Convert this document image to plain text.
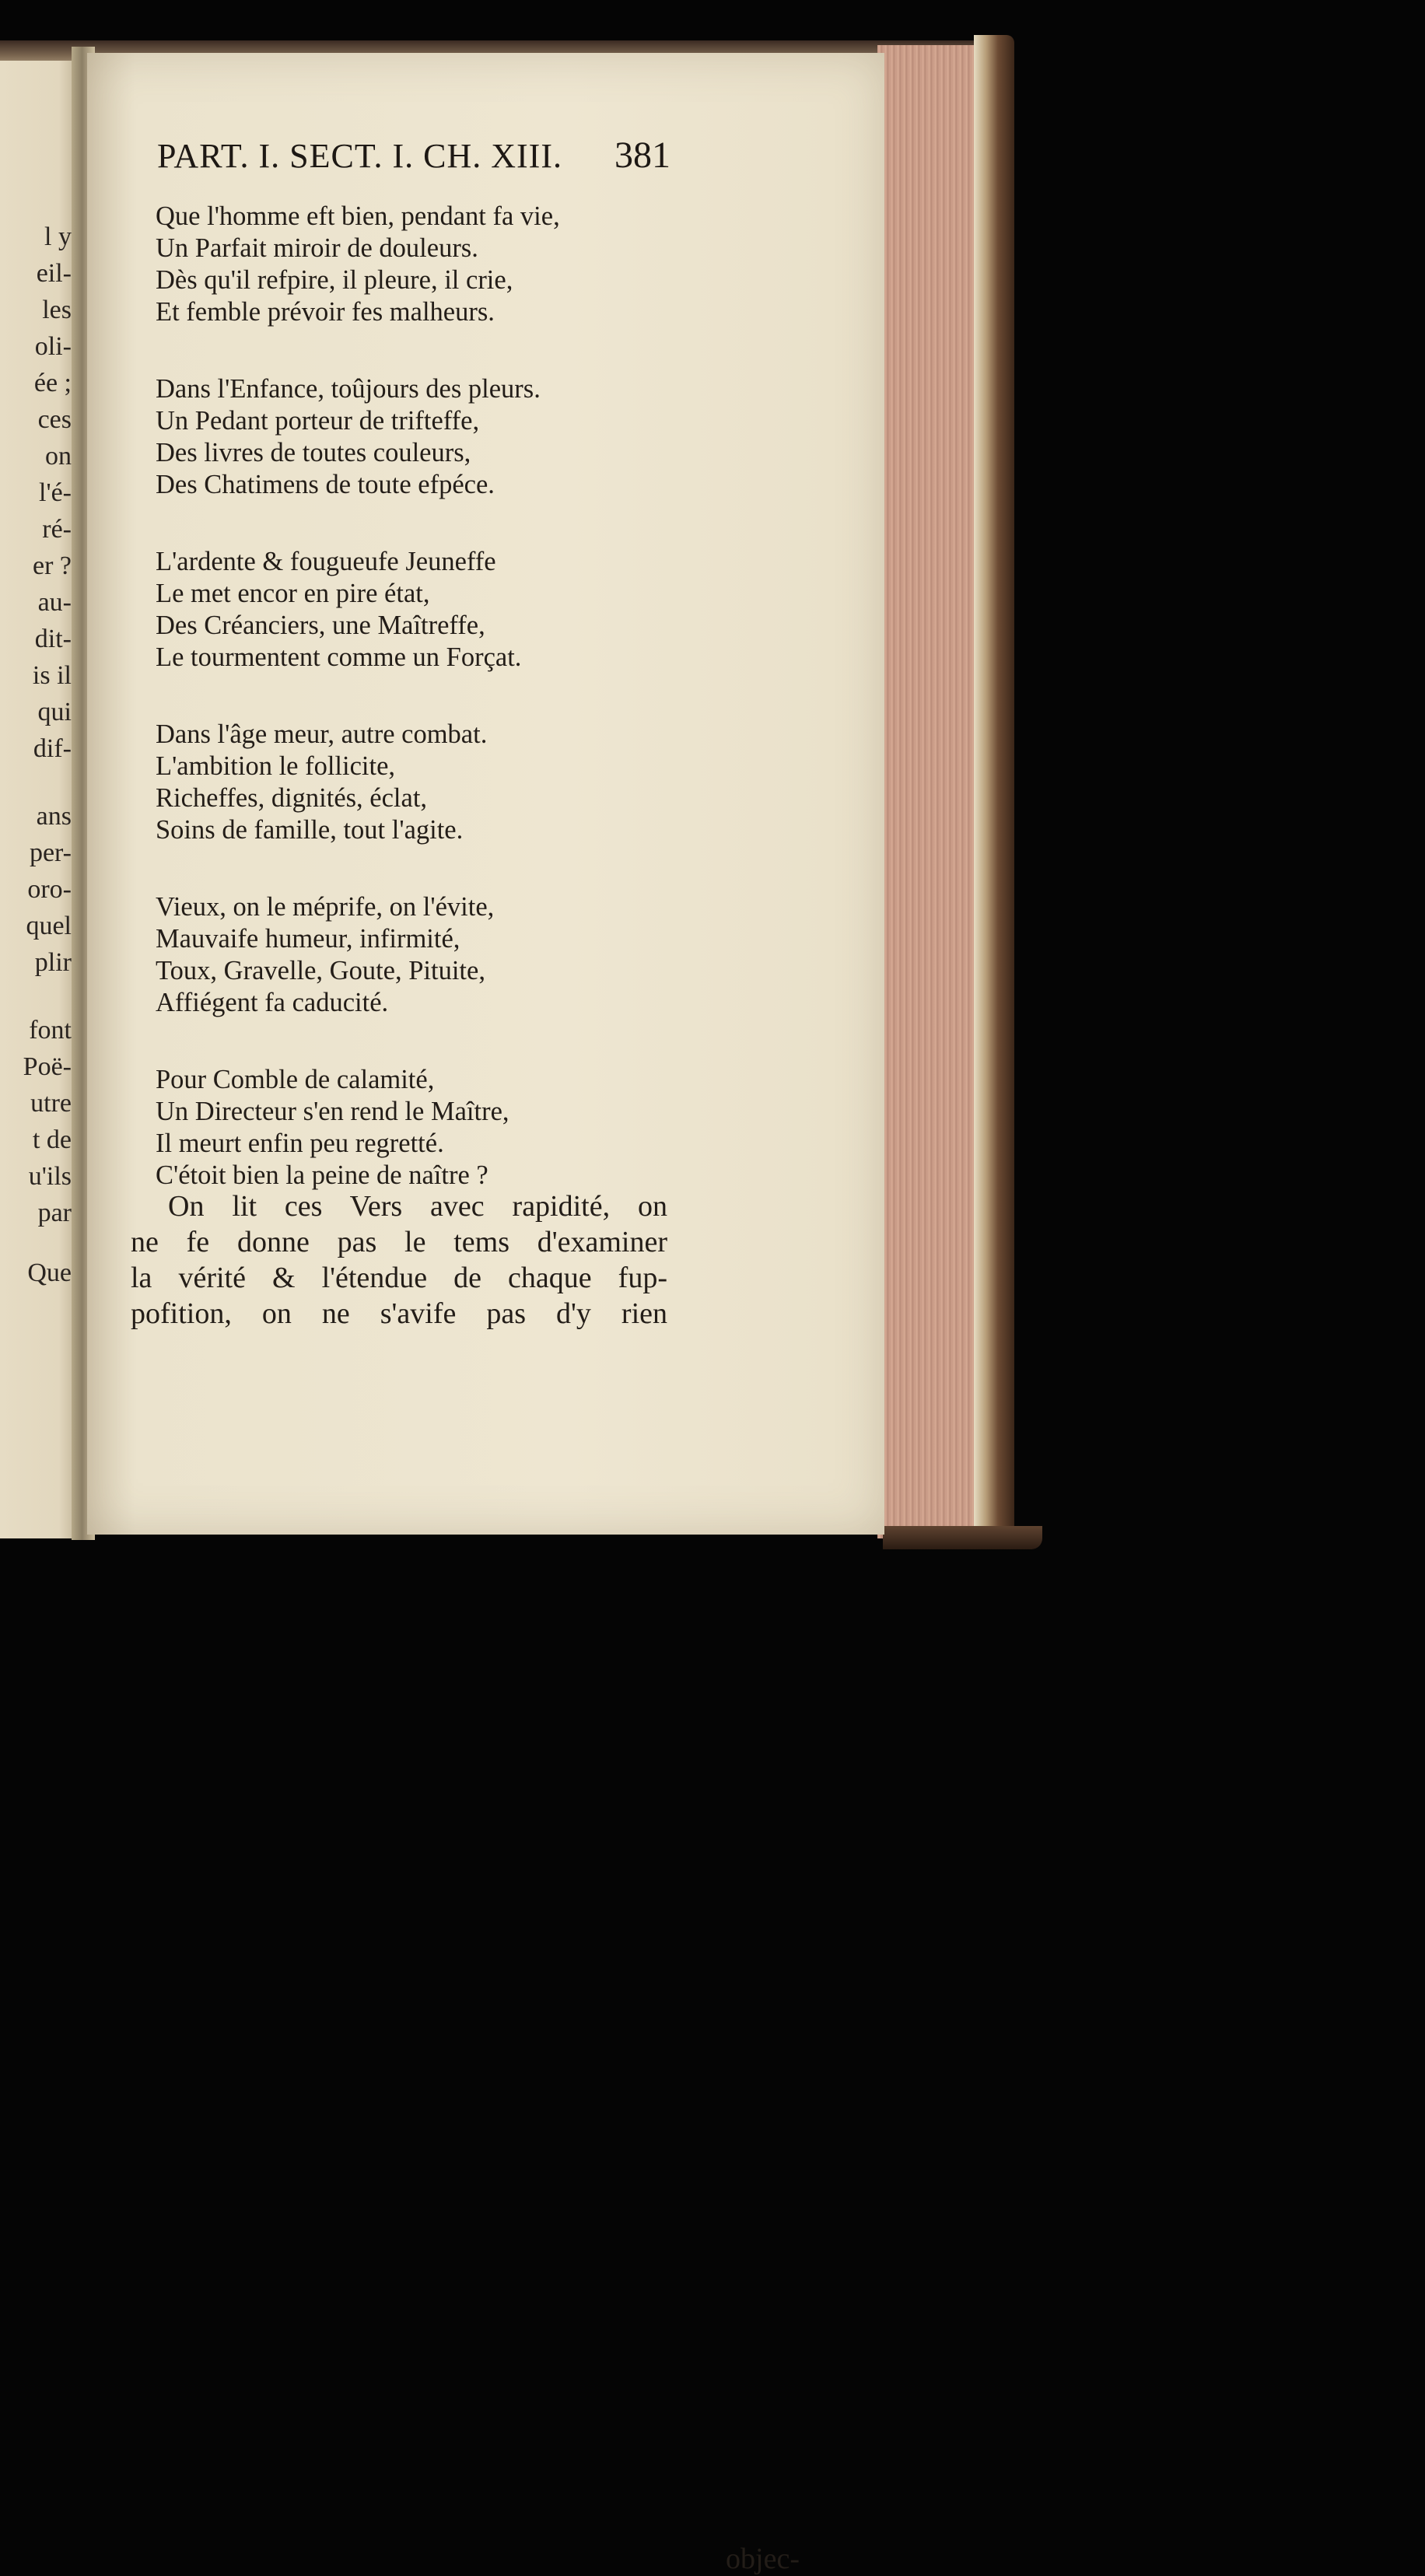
l y
eil-
les
oli-
ée ;
ces
on
l'é-
ré-
er ?
au-
dit-
is il
qui
dif-
ans
per-
oro-
quel
plir
font
Poë-
utre
t de
u'ils
par
Que
PART. I. SECT. I. CH. XIII. 381
Que l'homme eft bien, pendant fa vie,
Un Parfait miroir de douleurs.
Dès qu'il refpire, il pleure, il crie,
Et femble prévoir fes malheurs.
Dans l'Enfance, toûjours des pleurs.
Un Pedant porteur de trifteffe,
Des livres de toutes couleurs,
Des Chatimens de toute efpéce.
L'ardente & fougueufe Jeuneffe
Le met encor en pire état,
Des Créanciers, une Maîtreffe,
Le tourmentent comme un Forçat.
Dans l'âge meur, autre combat.
L'ambition le follicite,
Richeffes, dignités, éclat,
Soins de famille, tout l'agite.
Vieux, on le méprife, on l'évite,
Mauvaife humeur, infirmité,
Toux, Gravelle, Goute, Pituite,
Affiégent fa caducité.
Pour Comble de calamité,
Un Directeur s'en rend le Maître,
Il meurt enfin peu regretté.
C'étoit bien la peine de naître ?
On lit ces Vers avec rapidité, on
ne fe donne pas le tems d'examiner
la vérité & l'étendue de chaque fup-
pofition, on ne s'avife pas d'y rien
objec-
